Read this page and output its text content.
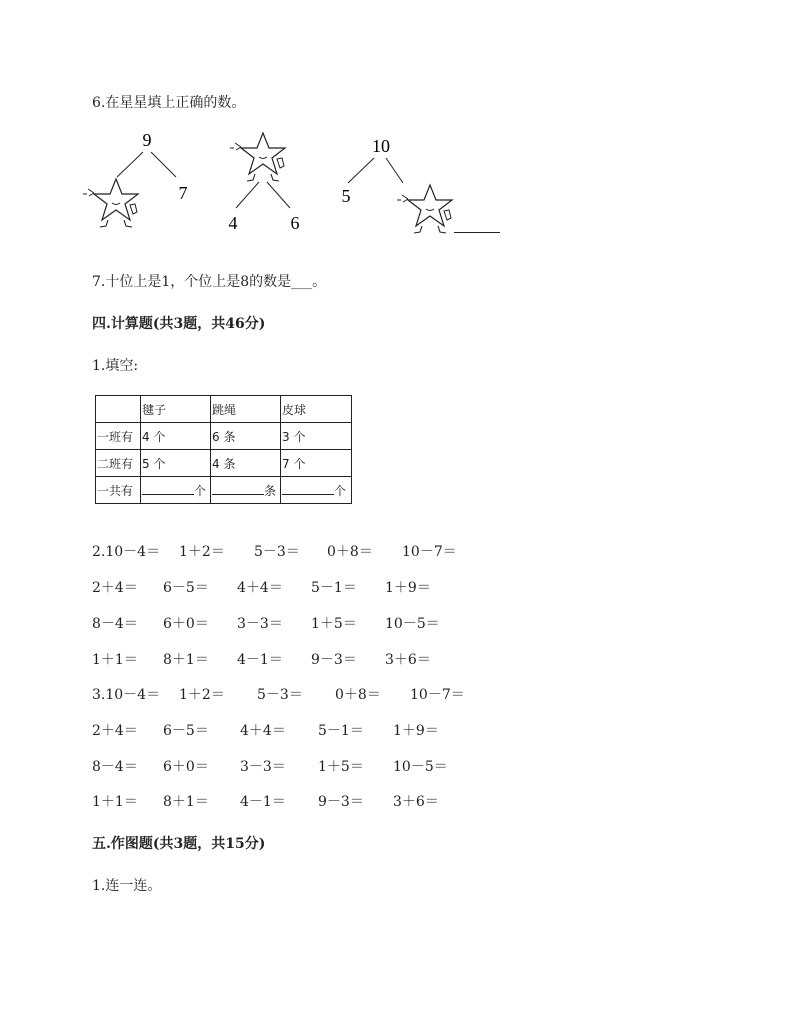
6.在星星填上正确的数。
9
7
4	6
10
5
7.十位上是1，个位上是8的数是___。
四.计算题(共3题，共46分)
1.填空:
	毽子	跳绳	皮球
一班有	4 个	6 条	3 个
二班有	5 个	4 条	7 个
一共有	个	条	个
2.10－4＝ 1＋2＝ 5－3＝ 0＋8＝ 10－7＝
2＋4＝ 6－5＝ 4＋4＝ 5－1＝ 1＋9＝
8－4＝ 6＋0＝ 3－3＝ 1＋5＝ 10－5＝
1＋1＝ 8＋1＝ 4－1＝ 9－3＝ 3＋6＝
3.10－4＝ 1＋2＝ 5－3＝ 0＋8＝ 10－7＝
2＋4＝ 6－5＝ 4＋4＝ 5－1＝ 1＋9＝
8－4＝ 6＋0＝ 3－3＝ 1＋5＝ 10－5＝
1＋1＝ 8＋1＝ 4－1＝ 9－3＝ 3＋6＝
五.作图题(共3题，共15分)
1.连一连。
